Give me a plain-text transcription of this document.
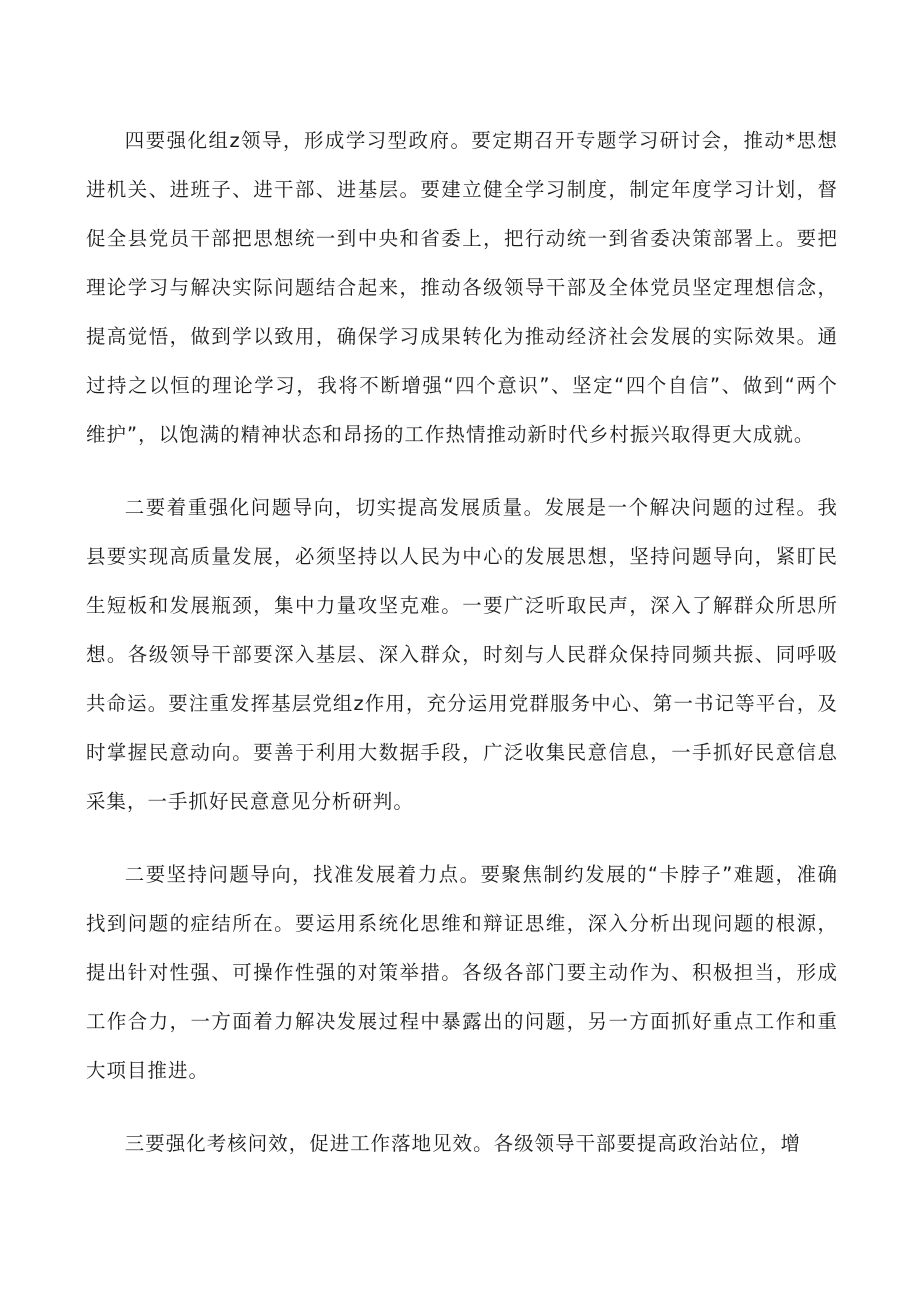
四要强化组z领导，形成学习型政府。要定期召开专题学习研讨会，推动*思想进机关、进班子、进干部、进基层。要建立健全学习制度，制定年度学习计划，督促全县党员干部把思想统一到中央和省委上，把行动统一到省委决策部署上。要把理论学习与解决实际问题结合起来，推动各级领导干部及全体党员坚定理想信念，提高觉悟，做到学以致用，确保学习成果转化为推动经济社会发展的实际效果。通过持之以恒的理论学习，我将不断增强“四个意识”、坚定“四个自信”、做到“两个维护”，以饱满的精神状态和昂扬的工作热情推动新时代乡村振兴取得更大成就。

二要着重强化问题导向，切实提高发展质量。发展是一个解决问题的过程。我县要实现高质量发展，必须坚持以人民为中心的发展思想，坚持问题导向，紧盯民生短板和发展瓶颈，集中力量攻坚克难。一要广泛听取民声，深入了解群众所思所想。各级领导干部要深入基层、深入群众，时刻与人民群众保持同频共振、同呼吸共命运。要注重发挥基层党组z作用，充分运用党群服务中心、第一书记等平台，及时掌握民意动向。要善于利用大数据手段，广泛收集民意信息，一手抓好民意信息采集，一手抓好民意意见分析研判。

二要坚持问题导向，找准发展着力点。要聚焦制约发展的“卡脖子”难题，准确找到问题的症结所在。要运用系统化思维和辩证思维，深入分析出现问题的根源，提出针对性强、可操作性强的对策举措。各级各部门要主动作为、积极担当，形成工作合力，一方面着力解决发展过程中暴露出的问题，另一方面抓好重点工作和重大项目推进。

三要强化考核问效，促进工作落地见效。各级领导干部要提高政治站位，增
